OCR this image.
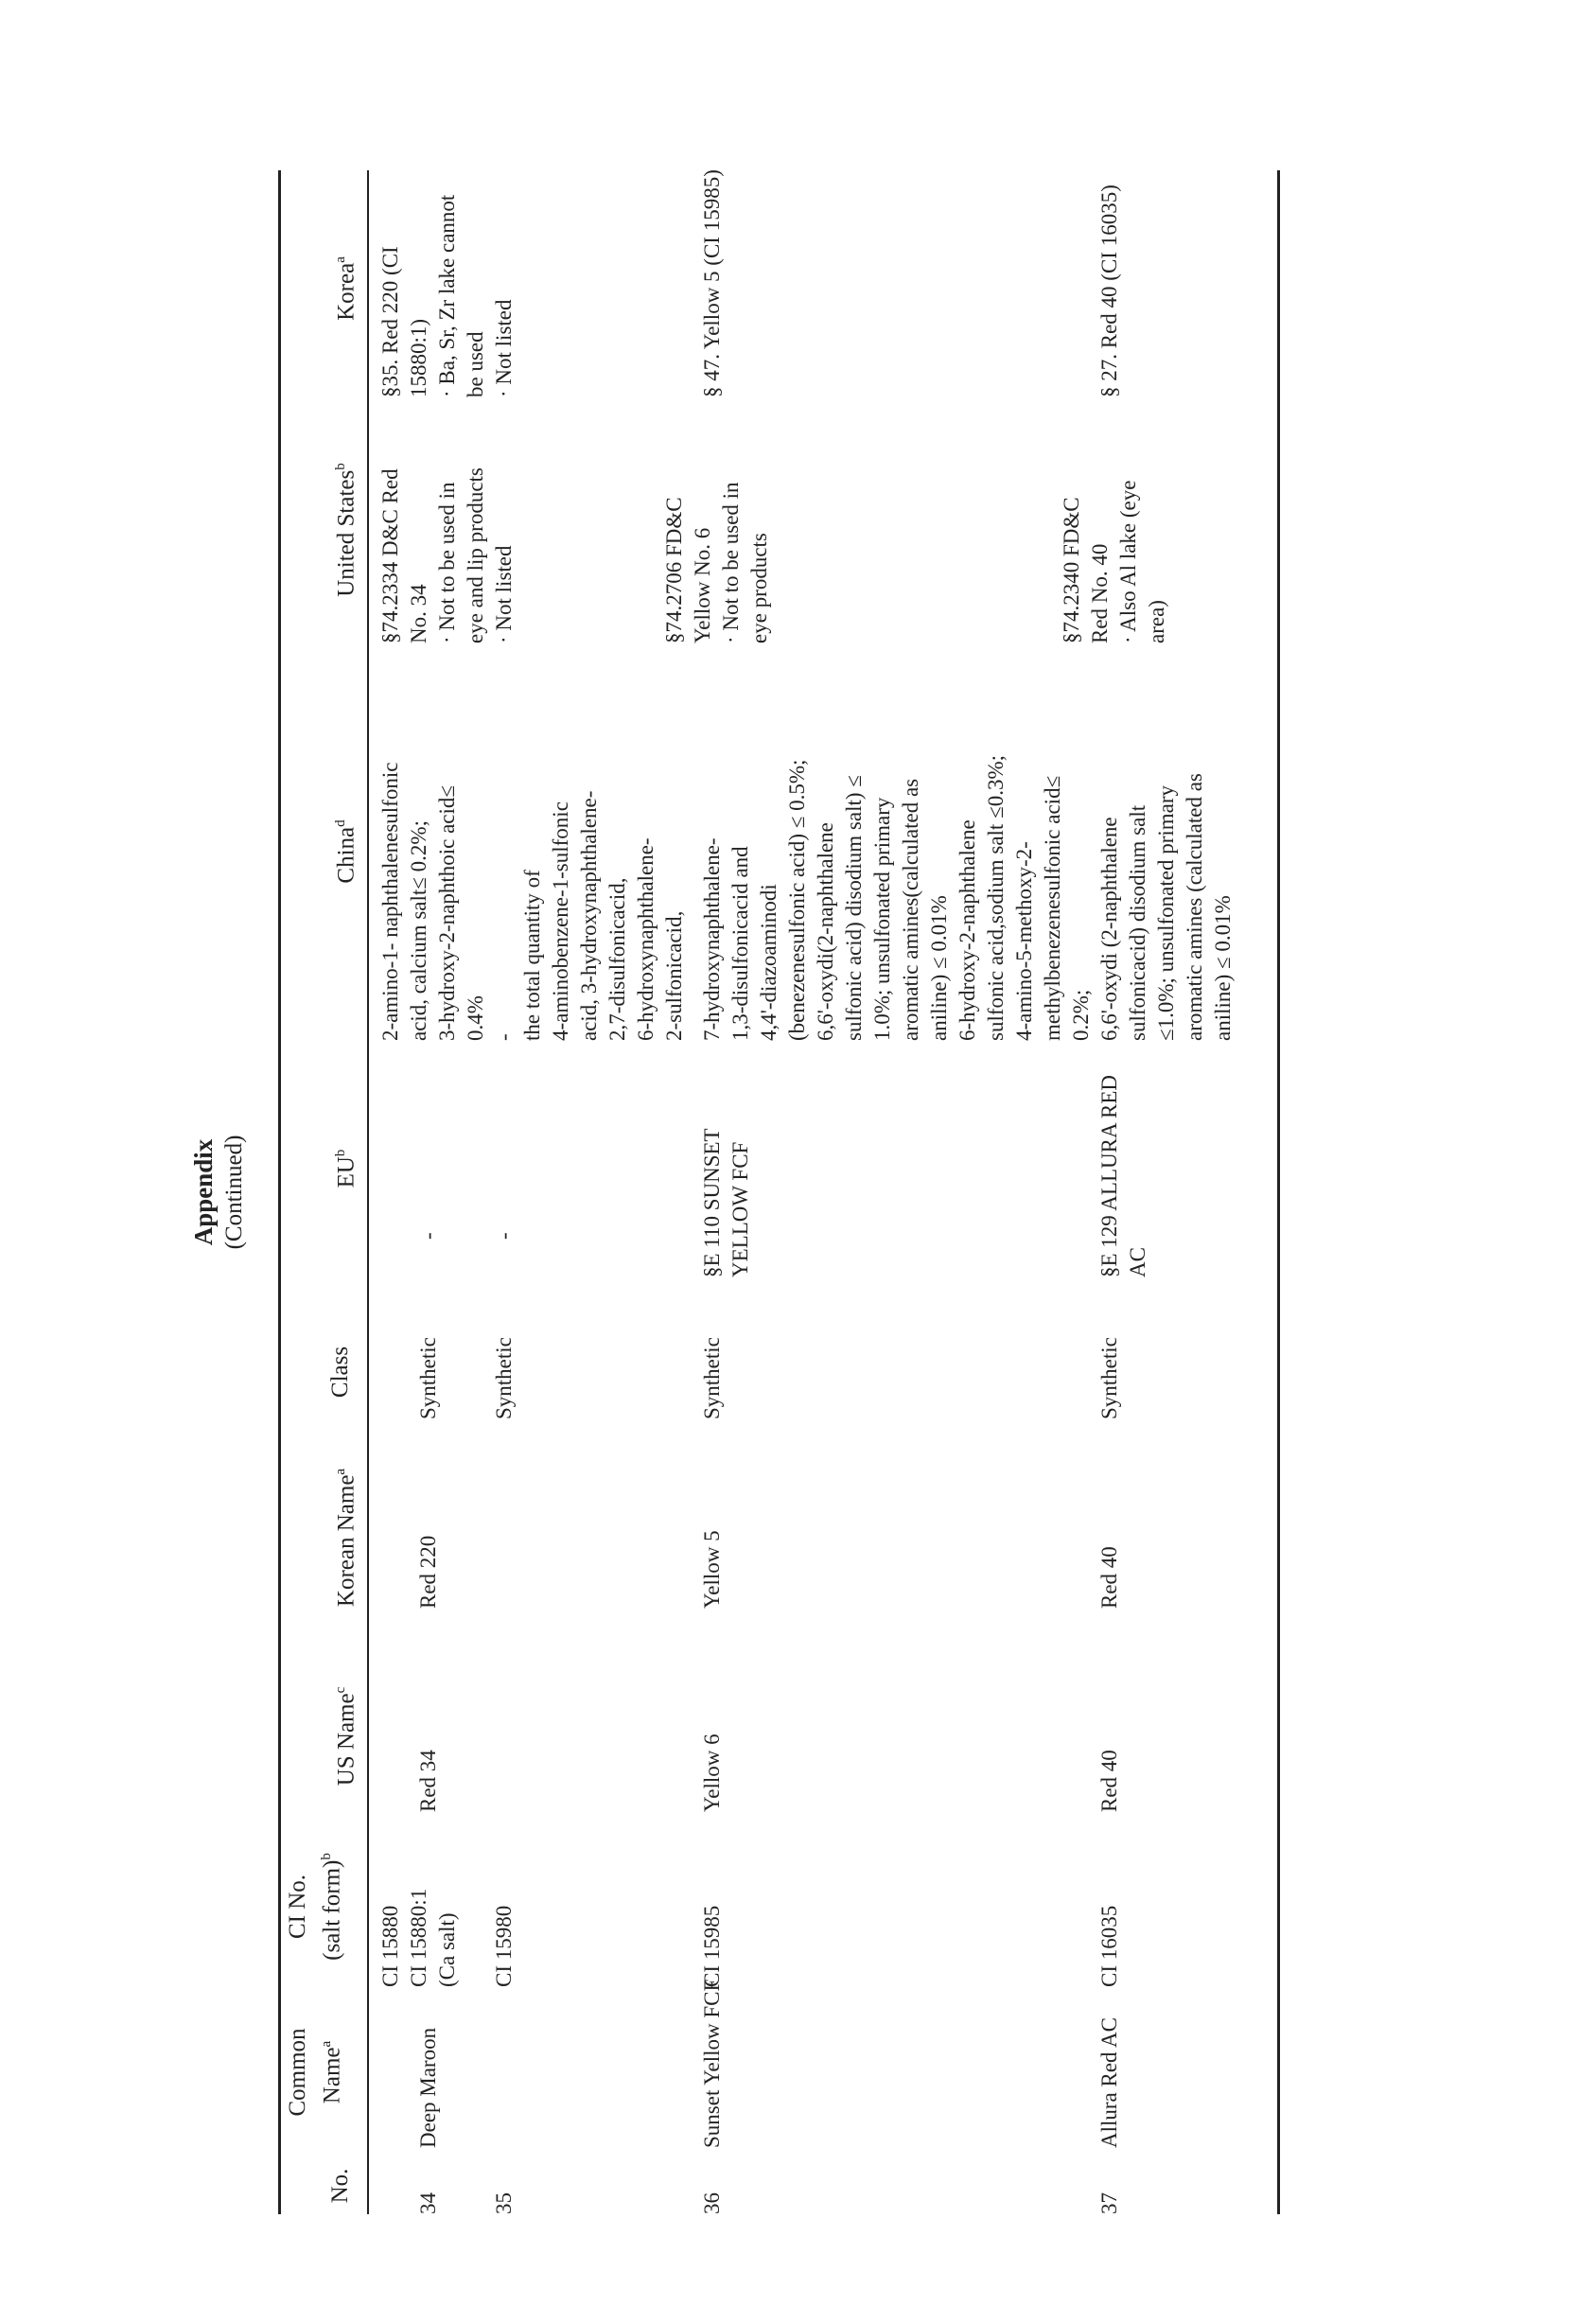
Appendix (Continued)
No.
Common Name$^a$
CI No. (salt form)$^b$
US Name$^c$
Korean Name$^a$
Class
$EU^b$
China$^d$
United States$^b$
Korea$^a$
34
Deep Maroon
CI 15880
CI 15880:1
(Ca salt)
Red 34
Red 220
Synthetic
-
2-amino-1- naphthalenesulfonic
acid, calcium salt≤ 0.2%;
3-hydroxy-2-naphthoic acid≤
0.4%
§74.2334 D&C Red
No. 34
· Not to be used in
eye and lip products
§35. Red 220 (CI
15880:1)
· Ba, Sr, Zr lake cannot
be used
35
CI 15980
Synthetic
-
-
the total quantity of
4-aminobenzene-1-sulfonic
acid, 3-hydroxynaphthalene-
2,7-disulfonicacid,
6-hydroxynaphthalene-
2-sulfonicacid,
· Not listed
· Not listed
36
Sunset Yellow FCF
CI 15985
Yellow 6
Yellow 5
Synthetic
§E 110 SUNSET
YELLOW FCF
7-hydroxynaphthalene-
1,3-disulfonicacid and
4,4'-diazoaminodi
(benezenesulfonic acid) ≤ 0.5%;
6,6'-oxydi(2-naphthalene
sulfonic acid) disodium salt) ≤
1.0%; unsulfonated primary
aromatic amines(calculated as
aniline) ≤ 0.01%
6-hydroxy-2-naphthalene
sulfonic acid,sodium salt ≤0.3%;
4-amino-5-methoxy-2-
methylbenezenesulfonic acid≤
0.2%;
§74.2706 FD&C
Yellow No. 6
· Not to be used in
eye products
§ 47. Yellow 5 (CI 15985)
37
Allura Red AC
CI 16035
Red 40
Red 40
Synthetic
§E 129 ALLURA RED
AC
6,6'-oxydi (2-naphthalene
sulfonicacid) disodium salt
≤1.0%; unsulfonated primary
aromatic amines (calculated as
aniline) ≤ 0.01%
§74.2340 FD&C
Red No. 40
· Also Al lake (eye
area)
§ 27. Red 40 (CI 16035)
